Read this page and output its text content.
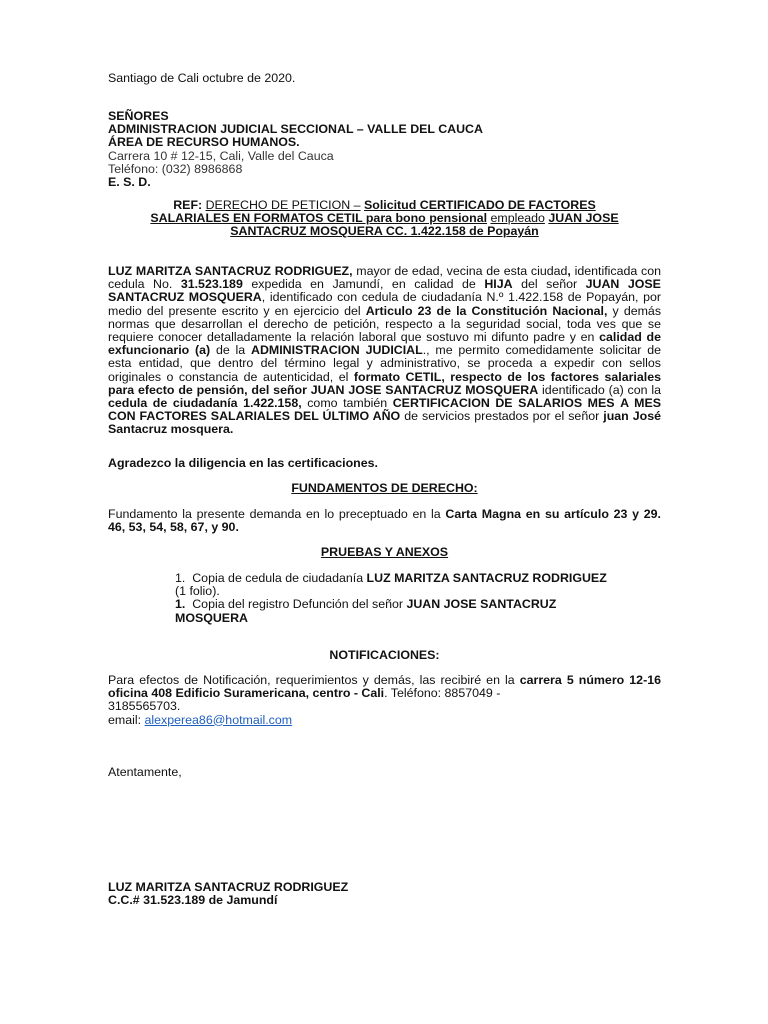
Santiago de Cali octubre de 2020.
SEÑORES
ADMINISTRACION JUDICIAL SECCIONAL – VALLE DEL CAUCA
ÁREA DE RECURSO HUMANOS.
Carrera 10 # 12-15, Cali, Valle del Cauca
Teléfono: (032) 8986868
E. S. D.
REF: DERECHO DE PETICION – Solicitud CERTIFICADO DE FACTORES
SALARIALES EN FORMATOS CETIL para bono pensional empleado JUAN JOSE
SANTACRUZ MOSQUERA CC. 1.422.158 de Popayán
LUZ MARITZA SANTACRUZ RODRIGUEZ, mayor de edad, vecina de esta ciudad, identificada con cedula No. 31.523.189 expedida en Jamundí, en calidad de HIJA del señor JUAN JOSE SANTACRUZ MOSQUERA, identificado con cedula de ciudadanía N.º 1.422.158 de Popayán, por medio del presente escrito y en ejercicio del Articulo 23 de la Constitución Nacional, y demás normas que desarrollan el derecho de petición, respecto a la seguridad social, toda ves que se requiere conocer detalladamente la relación laboral que sostuvo mi difunto padre y en calidad de exfuncionario (a) de la ADMINISTRACION JUDICIAL., me permito comedidamente solicitar de esta entidad, que dentro del término legal y administrativo, se proceda a expedir con sellos originales o constancia de autenticidad, el formato CETIL, respecto de los factores salariales para efecto de pensión, del señor JUAN JOSE SANTACRUZ MOSQUERA identificado (a) con la cedula de ciudadanía 1.422.158, como también CERTIFICACION DE SALARIOS MES A MES CON FACTORES SALARIALES DEL ÚLTIMO AÑO de servicios prestados por el señor juan José Santacruz mosquera.
Agradezco la diligencia en las certificaciones.
FUNDAMENTOS DE DERECHO:
Fundamento la presente demanda en lo preceptuado en la Carta Magna en su artículo 23 y 29. 46, 53, 54, 58, 67, y 90.
PRUEBAS Y ANEXOS
1. Copia de cedula de ciudadanía LUZ MARITZA SANTACRUZ RODRIGUEZ
(1 folio).
1. Copia del registro Defunción del señor JUAN JOSE SANTACRUZ
MOSQUERA
NOTIFICACIONES:
Para efectos de Notificación, requerimientos y demás, las recibiré en la carrera 5 número 12-16 oficina 408 Edificio Suramericana, centro - Cali. Teléfono: 8857049 -
3185565703.
email: alexperea86@hotmail.com
Atentamente,
LUZ MARITZA SANTACRUZ RODRIGUEZ
C.C.# 31.523.189 de Jamundí
